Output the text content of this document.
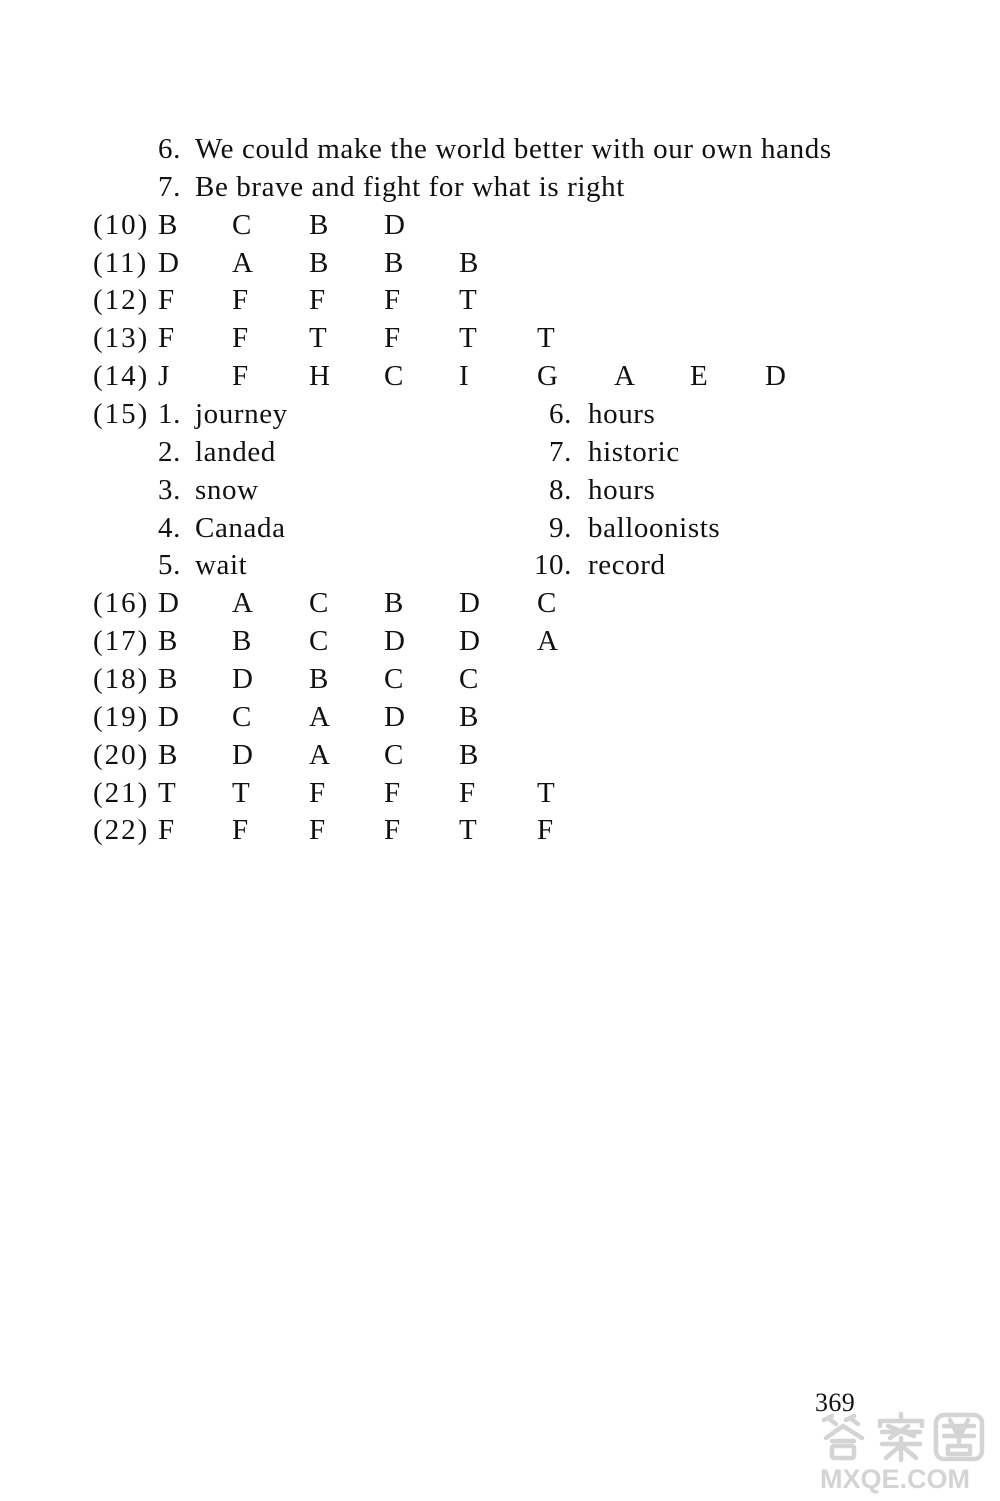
6. We could make the world better with our own hands
7. Be brave and fight for what is right
(10) B C B D
(11) D A B B B
(12) F F F F T
(13) F F T F T T
(14) J F H C I G A E D
(15) 1. journey	6. hours
2. landed	7. historic
3. snow	8. hours
4. Canada	9. balloonists
5. wait	10. record
(16) D A C B D C
(17) B B C D D A
(18) B D B C C
(19) D C A D B
(20) B D A C B
(21) T T F F F T
(22) F F F F T F
369
MXQE.COM
